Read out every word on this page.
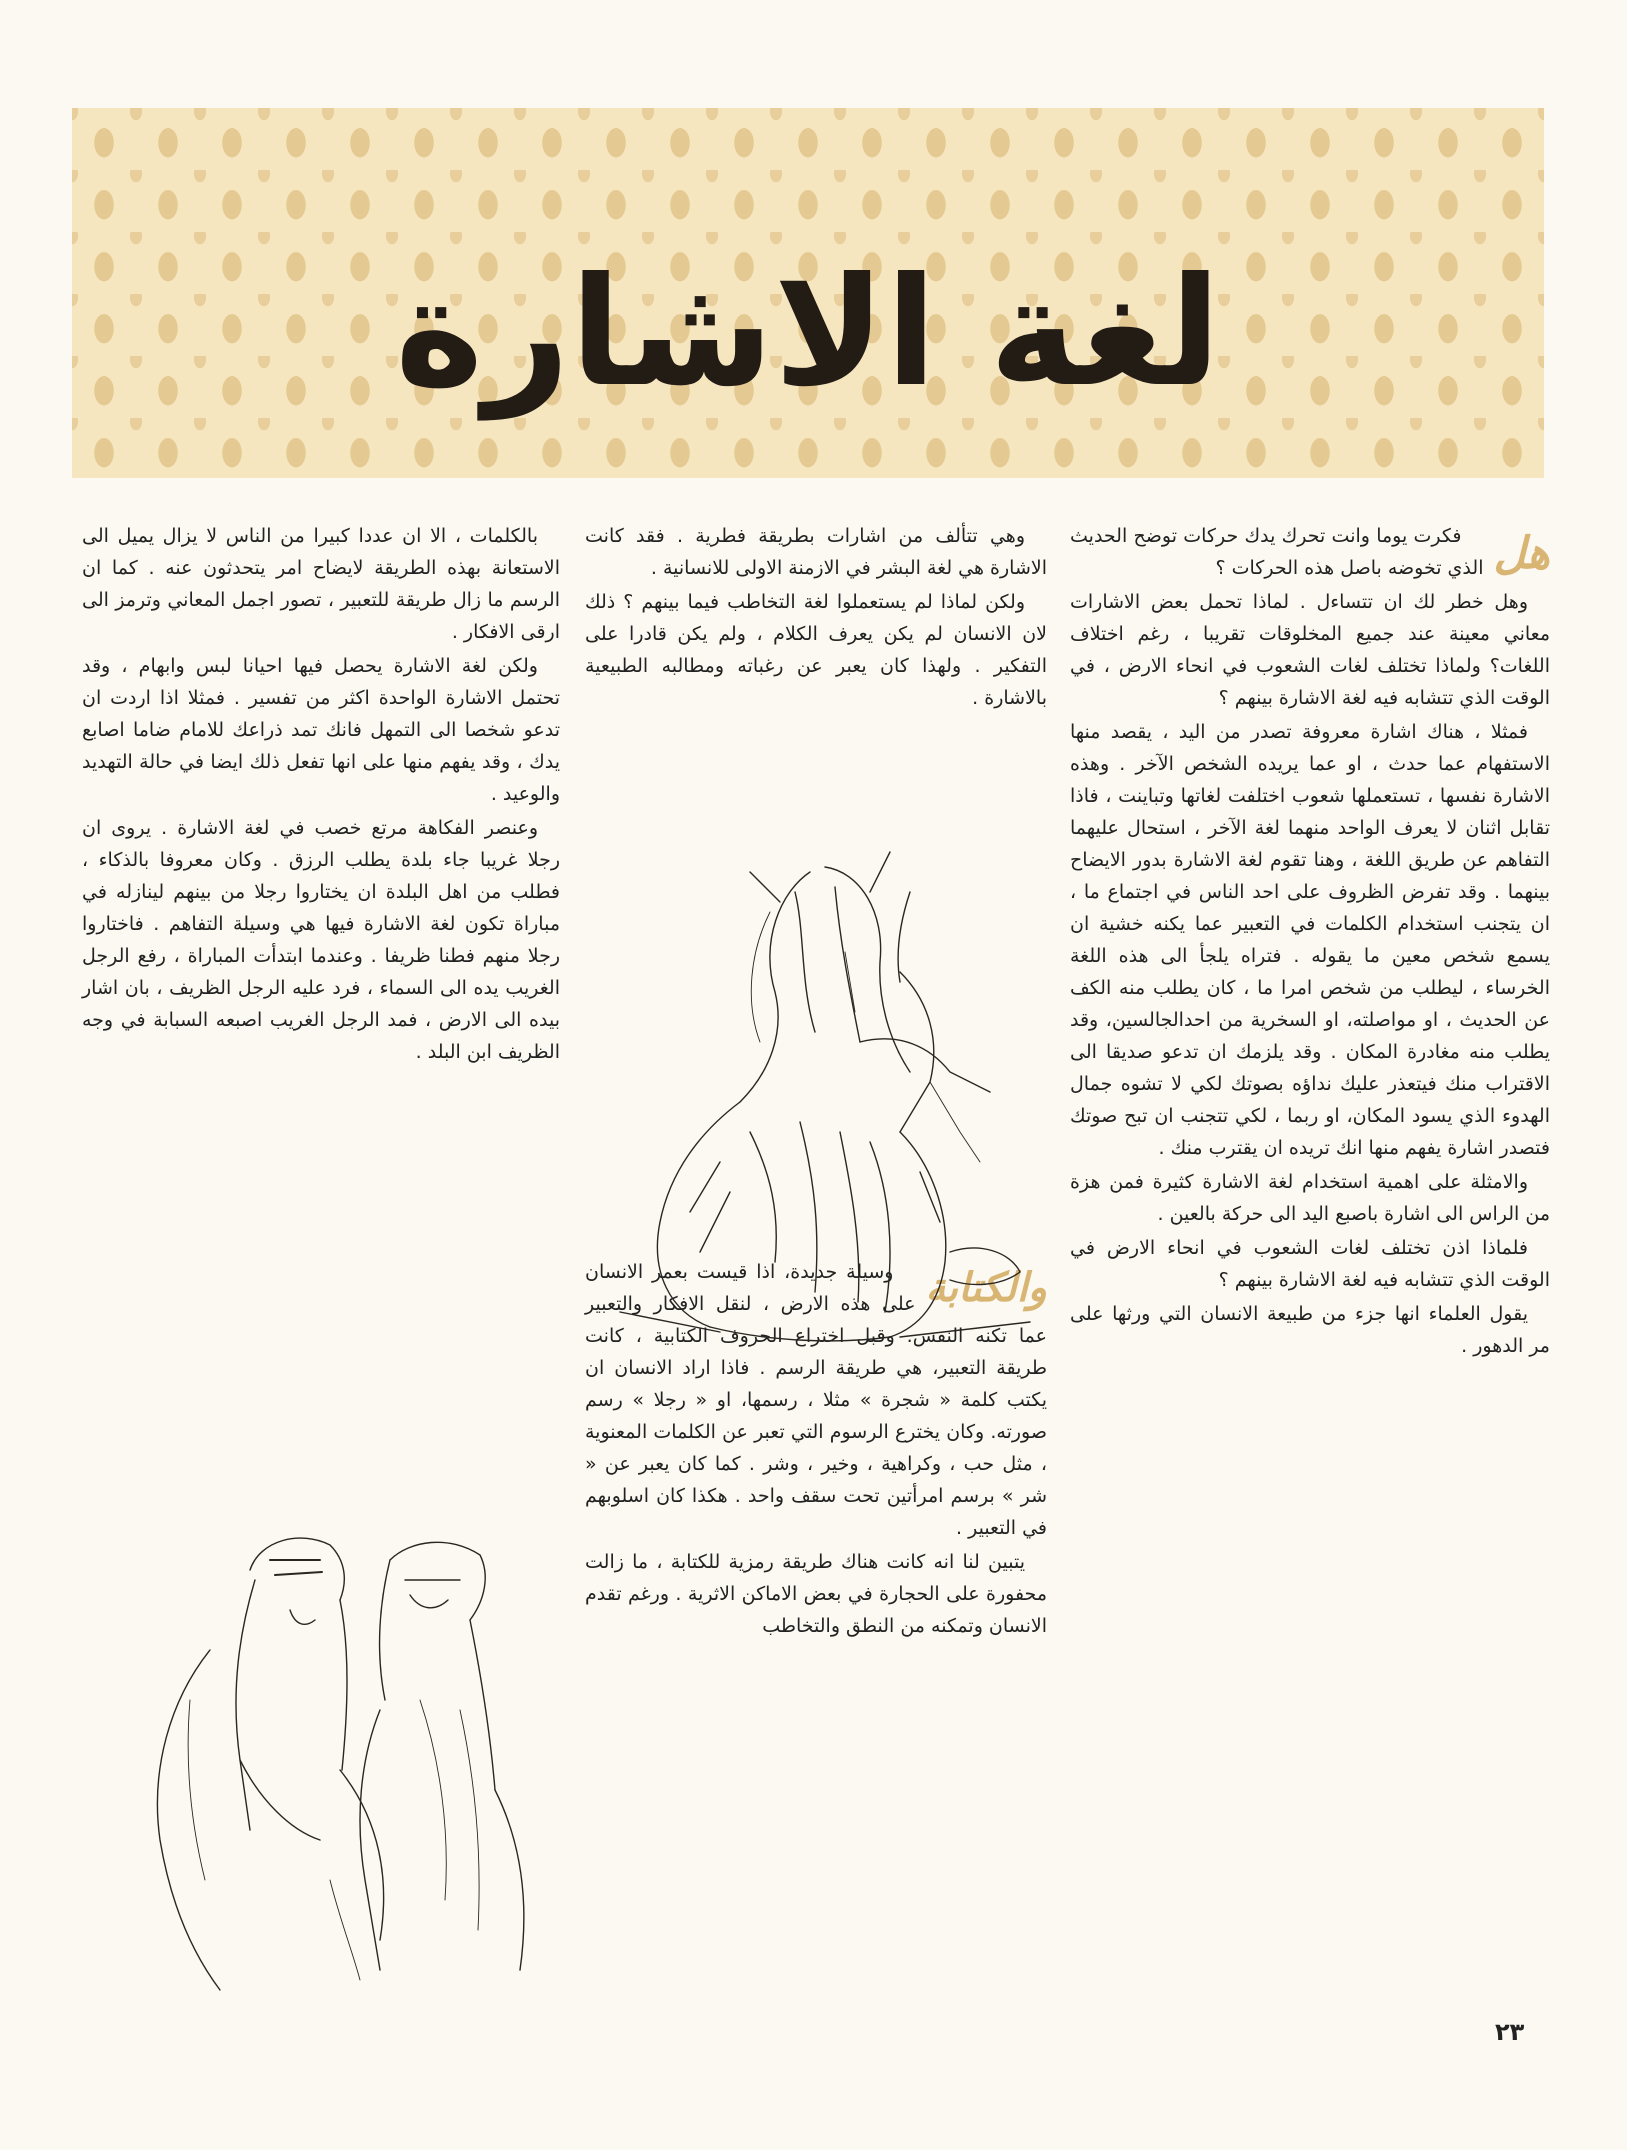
لغة الاشارة
هل

فكرت يوما وانت تحرك يدك حركات توضح الحديث الذي تخوضه باصل هذه الحركات ؟

وهل خطر لك ان تتساءل . لماذا تحمل بعض الاشارات معاني معينة عند جميع المخلوقات تقريبا ، رغم اختلاف اللغات؟ ولماذا تختلف لغات الشعوب في انحاء الارض ، في الوقت الذي تتشابه فيه لغة الاشارة بينهم ؟

فمثلا ، هناك اشارة معروفة تصدر من اليد ، يقصد منها الاستفهام عما حدث ، او عما يريده الشخص الآخر . وهذه الاشارة نفسها ، تستعملها شعوب اختلفت لغاتها وتباينت ، فاذا تقابل اثنان لا يعرف الواحد منهما لغة الآخر ، استحال عليهما التفاهم عن طريق اللغة ، وهنا تقوم لغة الاشارة بدور الايضاح بينهما . وقد تفرض الظروف على احد الناس في اجتماع ما ، ان يتجنب استخدام الكلمات في التعبير عما يكنه خشية ان يسمع شخص معين ما يقوله . فتراه يلجأ الى هذه اللغة الخرساء ، ليطلب من شخص امرا ما ، كان يطلب منه الكف عن الحديث ، او مواصلته، او السخرية من احدالجالسين، وقد يطلب منه مغادرة المكان . وقد يلزمك ان تدعو صديقا الى الاقتراب منك فيتعذر عليك نداؤه بصوتك لكي لا تشوه جمال الهدوء الذي يسود المكان، او ربما ، لكي تتجنب ان تبح صوتك فتصدر اشارة يفهم منها انك تريده ان يقترب منك .

والامثلة على اهمية استخدام لغة الاشارة كثيرة فمن هزة من الراس الى اشارة باصبع اليد الى حركة بالعين .

فلماذا اذن تختلف لغات الشعوب في انحاء الارض في الوقت الذي تتشابه فيه لغة الاشارة بينهم ؟

يقول العلماء انها جزء من طبيعة الانسان التي ورثها على مر الدهور .

وهي تتألف من اشارات بطريقة فطرية . فقد كانت الاشارة هي لغة البشر في الازمنة الاولى للانسانية .

ولكن لماذا لم يستعملوا لغة التخاطب فيما بينهم ؟ ذلك لان الانسان لم يكن يعرف الكلام ، ولم يكن قادرا على التفكير . ولهذا كان يعبر عن رغباته ومطالبه الطبيعية بالاشارة .

والكتابة

وسيلة جديدة، اذا قيست بعمر الانسان على هذه الارض ، لنقل الافكار والتعبير عما تكنه النفس. وقبل اختراع الحروف الكتابية ، كانت طريقة التعبير، هي طريقة الرسم . فاذا اراد الانسان ان يكتب كلمة « شجرة » مثلا ، رسمها، او « رجلا » رسم صورته. وكان يخترع الرسوم التي تعبر عن الكلمات المعنوية ، مثل حب ، وكراهية ، وخير ، وشر . كما كان يعبر عن « شر » برسم امرأتين تحت سقف واحد . هكذا كان اسلوبهم في التعبير .

يتبين لنا انه كانت هناك طريقة رمزية للكتابة ، ما زالت محفورة على الحجارة في بعض الاماكن الاثرية . ورغم تقدم الانسان وتمكنه من النطق والتخاطب

بالكلمات ، الا ان عددا كبيرا من الناس لا يزال يميل الى الاستعانة بهذه الطريقة لايضاح امر يتحدثون عنه . كما ان الرسم ما زال طريقة للتعبير ، تصور اجمل المعاني وترمز الى ارقى الافكار .

ولكن لغة الاشارة يحصل فيها احيانا لبس وابهام ، وقد تحتمل الاشارة الواحدة اكثر من تفسير . فمثلا اذا اردت ان تدعو شخصا الى التمهل فانك تمد ذراعك للامام ضاما اصابع يدك ، وقد يفهم منها على انها تفعل ذلك ايضا في حالة التهديد والوعيد .

وعنصر الفكاهة مرتع خصب في لغة الاشارة . يروى ان رجلا غريبا جاء بلدة يطلب الرزق . وكان معروفا بالذكاء ، فطلب من اهل البلدة ان يختاروا رجلا من بينهم لينازله في مباراة تكون لغة الاشارة فيها هي وسيلة التفاهم . فاختاروا رجلا منهم فطنا ظريفا . وعندما ابتدأت المباراة ، رفع الرجل الغريب يده الى السماء ، فرد عليه الرجل الظريف ، بان اشار بيده الى الارض ، فمد الرجل الغريب اصبعه السبابة في وجه الظريف ابن البلد .

٢٣
